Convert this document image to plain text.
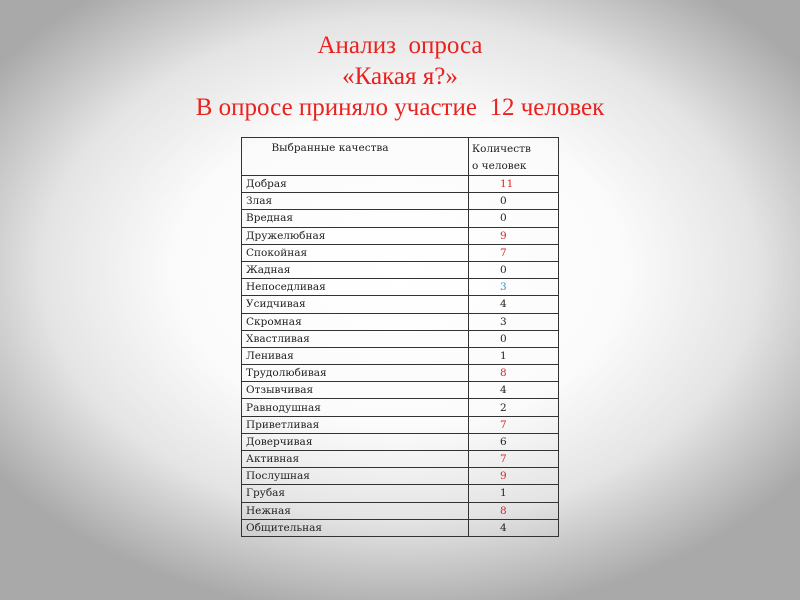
Анализ  опроса
«Какая я?»
В опросе приняло участие  12 человек
Выбранные качества	Количеств
о человек
Добрая	11
Злая	0
Вредная	0
Дружелюбная	9
Спокойная	7
Жадная	0
Непоседливая	3
Усидчивая	4
Скромная	3
Хвастливая	0
Ленивая	1
Трудолюбивая	8
Отзывчивая	4
Равнодушная	2
Приветливая	7
Доверчивая	6
Активная	7
Послушная	9
Грубая	1
Нежная	8
Общительная	4
